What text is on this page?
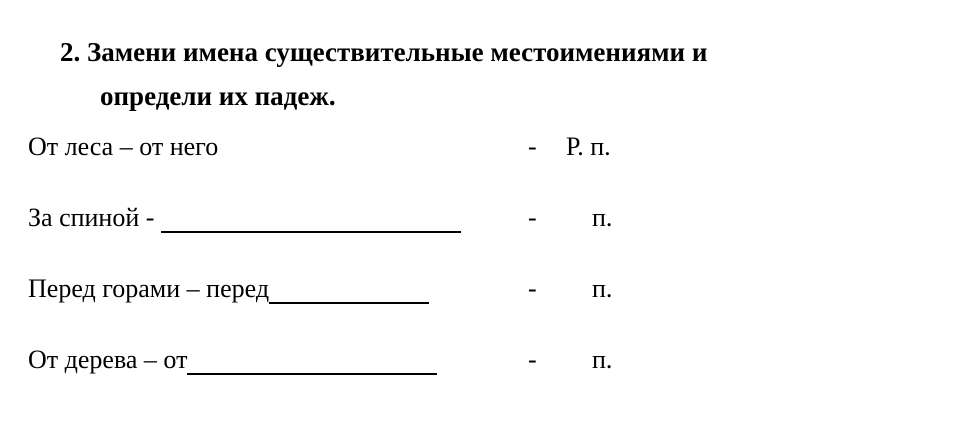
2. Замени имена существительные местоимениями и
определи их падеж.
От леса – от него	-	Р. п.
За спиной -	-	п.
Перед горами – перед	-	п.
От дерева – от	-	п.
